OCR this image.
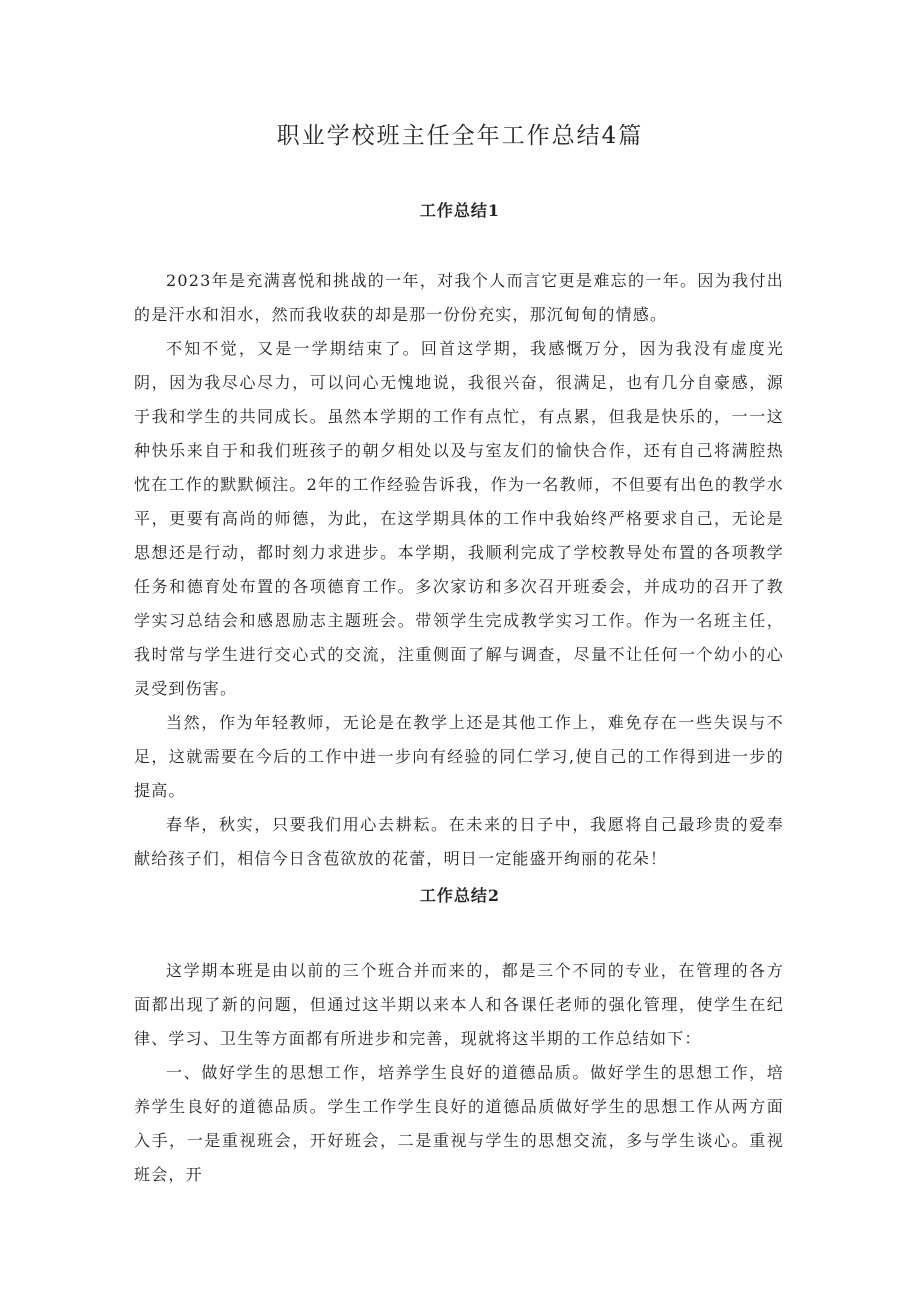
职业学校班主任全年工作总结4篇
工作总结1

2023年是充满喜悦和挑战的一年，对我个人而言它更是难忘的一年。因为我付出的是汗水和泪水，然而我收获的却是那一份份充实，那沉甸甸的情感。

不知不觉，又是一学期结束了。回首这学期，我感慨万分，因为我没有虚度光阴，因为我尽心尽力，可以问心无愧地说，我很兴奋，很满足，也有几分自豪感，源于我和学生的共同成长。虽然本学期的工作有点忙，有点累，但我是快乐的，一一这种快乐来自于和我们班孩子的朝夕相处以及与室友们的愉快合作，还有自己将满腔热忱在工作的默默倾注。2年的工作经验告诉我，作为一名教师，不但要有出色的教学水平，更要有高尚的师德，为此，在这学期具体的工作中我始终严格要求自己，无论是思想还是行动，都时刻力求进步。本学期，我顺利完成了学校教导处布置的各项教学任务和德育处布置的各项德育工作。多次家访和多次召开班委会，并成功的召开了教学实习总结会和感恩励志主题班会。带领学生完成教学实习工作。作为一名班主任，我时常与学生进行交心式的交流，注重侧面了解与调查，尽量不让任何一个幼小的心灵受到伤害。

当然，作为年轻教师，无论是在教学上还是其他工作上，难免存在一些失误与不足，这就需要在今后的工作中进一步向有经验的同仁学习,使自己的工作得到进一步的提高。

春华，秋实，只要我们用心去耕耘。在未来的日子中，我愿将自己最珍贵的爱奉献给孩子们，相信今日含苞欲放的花蕾，明日一定能盛开绚丽的花朵！

工作总结2

这学期本班是由以前的三个班合并而来的，都是三个不同的专业，在管理的各方面都出现了新的问题，但通过这半期以来本人和各课任老师的强化管理，使学生在纪律、学习、卫生等方面都有所进步和完善，现就将这半期的工作总结如下：

一、做好学生的思想工作，培养学生良好的道德品质。做好学生的思想工作，培养学生良好的道德品质。学生工作学生良好的道德品质做好学生的思想工作从两方面入手，一是重视班会，开好班会，二是重视与学生的思想交流，多与学生谈心。重视班会，开
